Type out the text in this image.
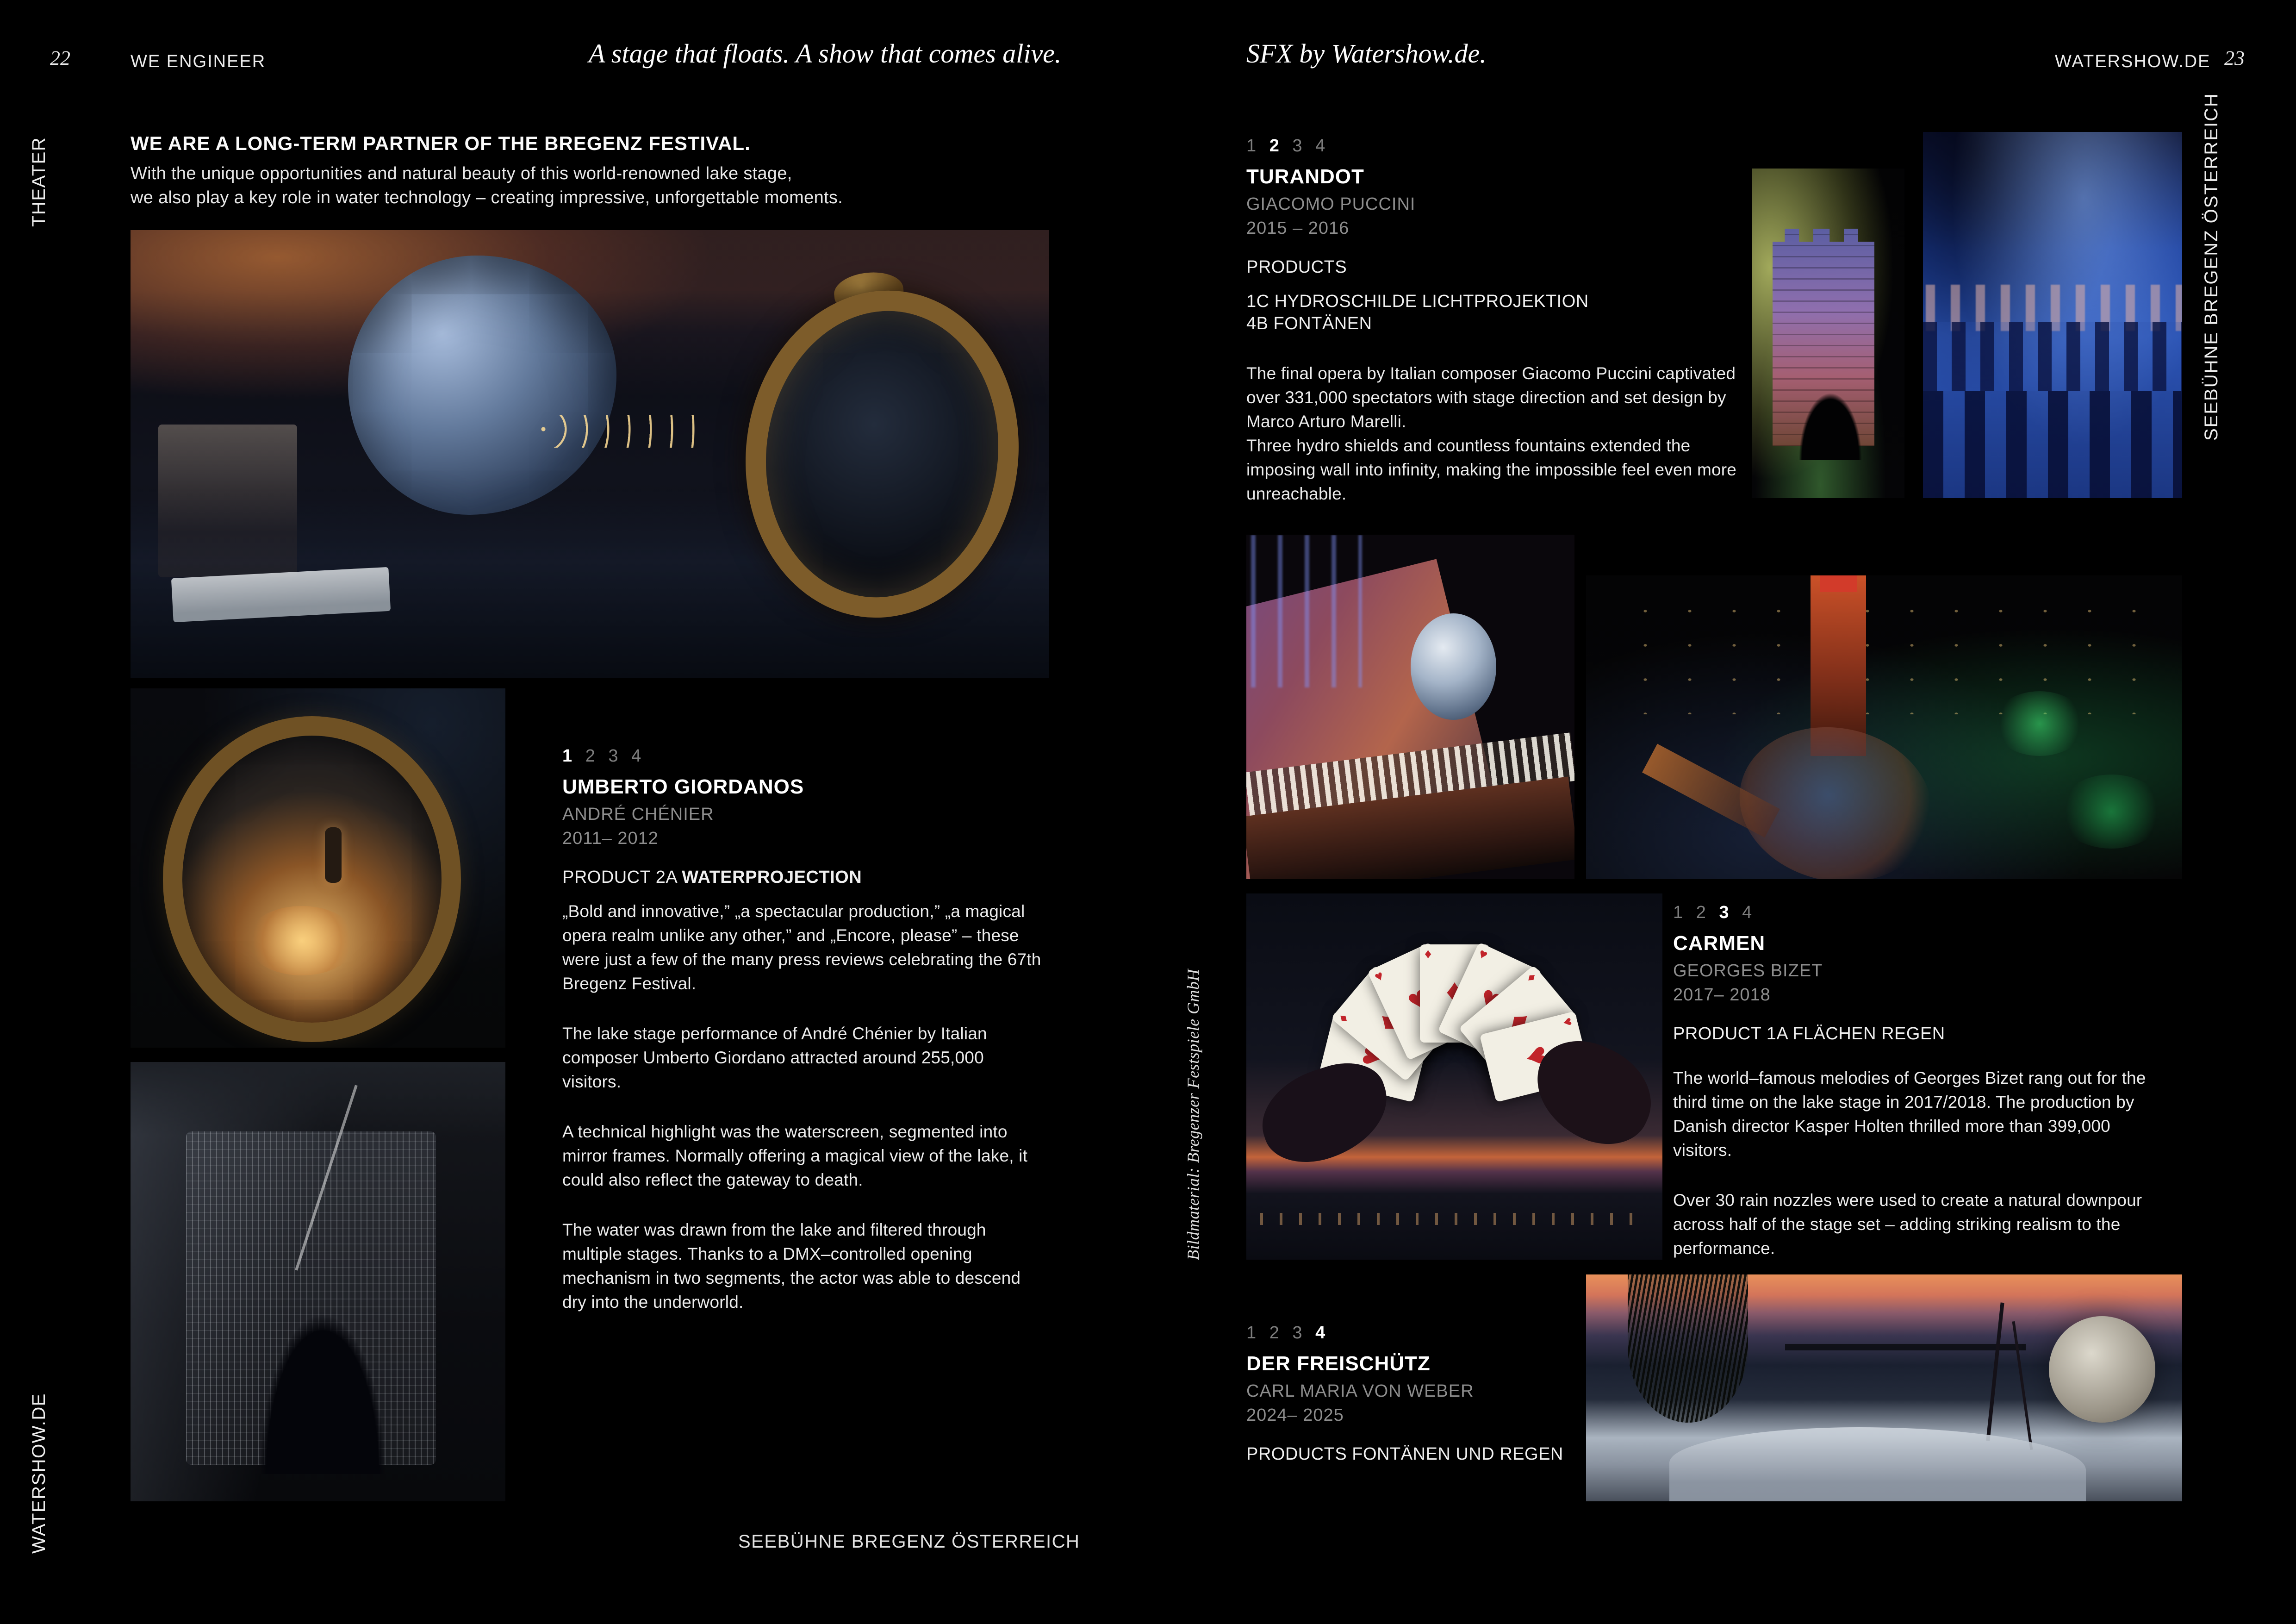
22	WE ENGINEER	A stage that floats. A show that comes alive.	SFX by Watershow.de.	WATERSHOW.DE 23
THEATER
WATERSHOW.DE
SEEBÜHNE BREGENZ ÖSTERREICH
Bildmaterial: Bregenzer Festspiele GmbH
WE ARE A LONG-TERM PARTNER OF THE BREGENZ FESTIVAL.
With the unique opportunities and natural beauty of this world-renowned lake stage,
we also play a key role in water technology – creating impressive, unforgettable moments.
1 2 3 4
UMBERTO GIORDANOS
ANDRÉ CHÉNIER
2011– 2012
PRODUCT 2A WATERPROJECTION

„Bold and innovative,” „a spectacular production,” „a magical opera realm unlike any other,” and „Encore, please” – these were just a few of the many press reviews celebrating the 67th Bregenz Festival.

The lake stage performance of André Chénier by Italian composer Umberto Giordano attracted around 255,000 visitors.

A technical highlight was the waterscreen, segmented into mirror frames. Normally offering a magical view of the lake, it could also reflect the gateway to death.

The water was drawn from the lake and filtered through multiple stages. Thanks to a DMX–controlled opening mechanism in two segments, the actor was able to descend dry into the underworld.

SEEBÜHNE BREGENZ ÖSTERREICH
1 2 3 4
TURANDOT
GIACOMO PUCCINI
2015 – 2016
PRODUCTS
1C HYDROSCHILDE LICHTPROJEKTION
4B FONTÄNEN

The final opera by Italian composer Giacomo Puccini captivated over 331,000 spectators with stage direction and set design by Marco Arturo Marelli.

Three hydro shields and countless fountains extended the imposing wall into infinity, making the impossible feel even more unreachable.

♥ ♥
♦ ♦
♥ ♥
♦ ♦
♥ ♥
♦ ♦
♥ ♥
1 2 3 4
CARMEN
GEORGES BIZET
2017– 2018
PRODUCT 1A FLÄCHEN REGEN

The world–famous melodies of Georges Bizet rang out for the third time on the lake stage in 2017/2018. The production by Danish director Kasper Holten thrilled more than 399,000 visitors.

Over 30 rain nozzles were used to create a natural downpour across half of the stage set – adding striking realism to the performance.

1 2 3 4
DER FREISCHÜTZ
CARL MARIA VON WEBER
2024– 2025
PRODUCTS FONTÄNEN UND REGEN
